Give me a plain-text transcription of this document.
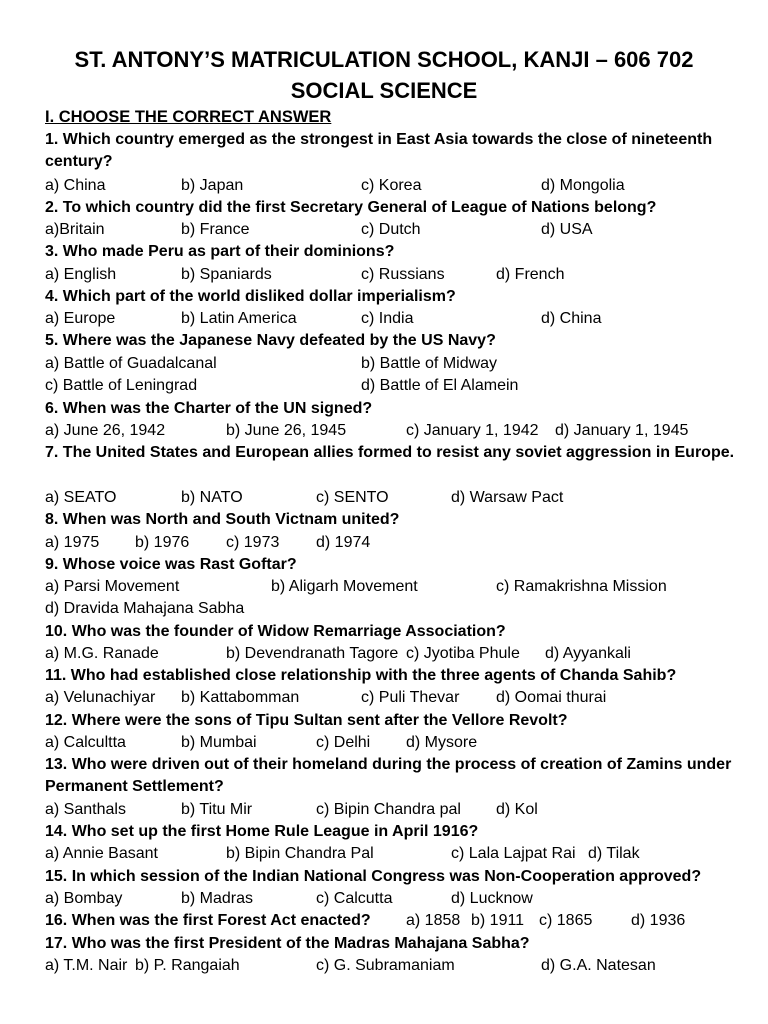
ST. ANTONY’S MATRICULATION SCHOOL, KANJI – 606 702
SOCIAL SCIENCE
I. CHOOSE THE CORRECT ANSWER
1. Which country emerged as the strongest in East Asia towards the close of nineteenth century?
a) China	b) Japan	c) Korea	d) Mongolia
2. To which country did the first Secretary General of League of Nations belong?
a)Britain	b) France	c) Dutch	d) USA
3. Who made Peru as part of their dominions?
a) English	b) Spaniards	c) Russians	d) French
4. Which part of the world disliked dollar imperialism?
a) Europe	b) Latin America	c) India	d) China
5. Where was the Japanese Navy defeated by the US Navy?
a) Battle of Guadalcanal	b) Battle of Midway
c) Battle of Leningrad	d) Battle of El Alamein
6. When was the Charter of the UN signed?
a) June 26, 1942	b) June 26, 1945	c) January 1, 1942 d) January 1, 1945
7. The United States and European allies formed to resist any soviet aggression in Europe.
a) SEATO	b) NATO	c) SENTO	d) Warsaw Pact
8. When was North and South Victnam united?
a) 1975 b) 1976 c) 1973 d) 1974
9. Whose voice was Rast Goftar?
a) Parsi Movement	b) Aligarh Movement	c) Ramakrishna Mission
d) Dravida Mahajana Sabha
10. Who was the founder of Widow Remarriage Association?
a) M.G. Ranade	b) Devendranath Tagore c) Jyotiba Phule d) Ayyankali
11. Who had established close relationship with the three agents of Chanda Sahib?
a) Velunachiyar b) Kattabomman	c) Puli Thevar d) Oomai thurai
12. Where were the sons of Tipu Sultan sent after the Vellore Revolt?
a) Calcultta	b) Mumbai	c) Delhi d) Mysore
13. Who were driven out of their homeland during the process of creation of Zamins under Permanent Settlement?
a) Santhals	b) Titu Mir	c) Bipin Chandra pal d) Kol
14. Who set up the first Home Rule League in April 1916?
a) Annie Basant	b) Bipin Chandra Pal	c) Lala Lajpat Rai d) Tilak
15. In which session of the Indian National Congress was Non-Cooperation approved?
a) Bombay	b) Madras	c) Calcutta	d) Lucknow
16. When was the first Forest Act enacted?	a) 1858 b) 1911 c) 1865 d) 1936
17. Who was the first President of the Madras Mahajana Sabha?
a) T.M. Nair b) P. Rangaiah	c) G. Subramaniam	d) G.A. Natesan
